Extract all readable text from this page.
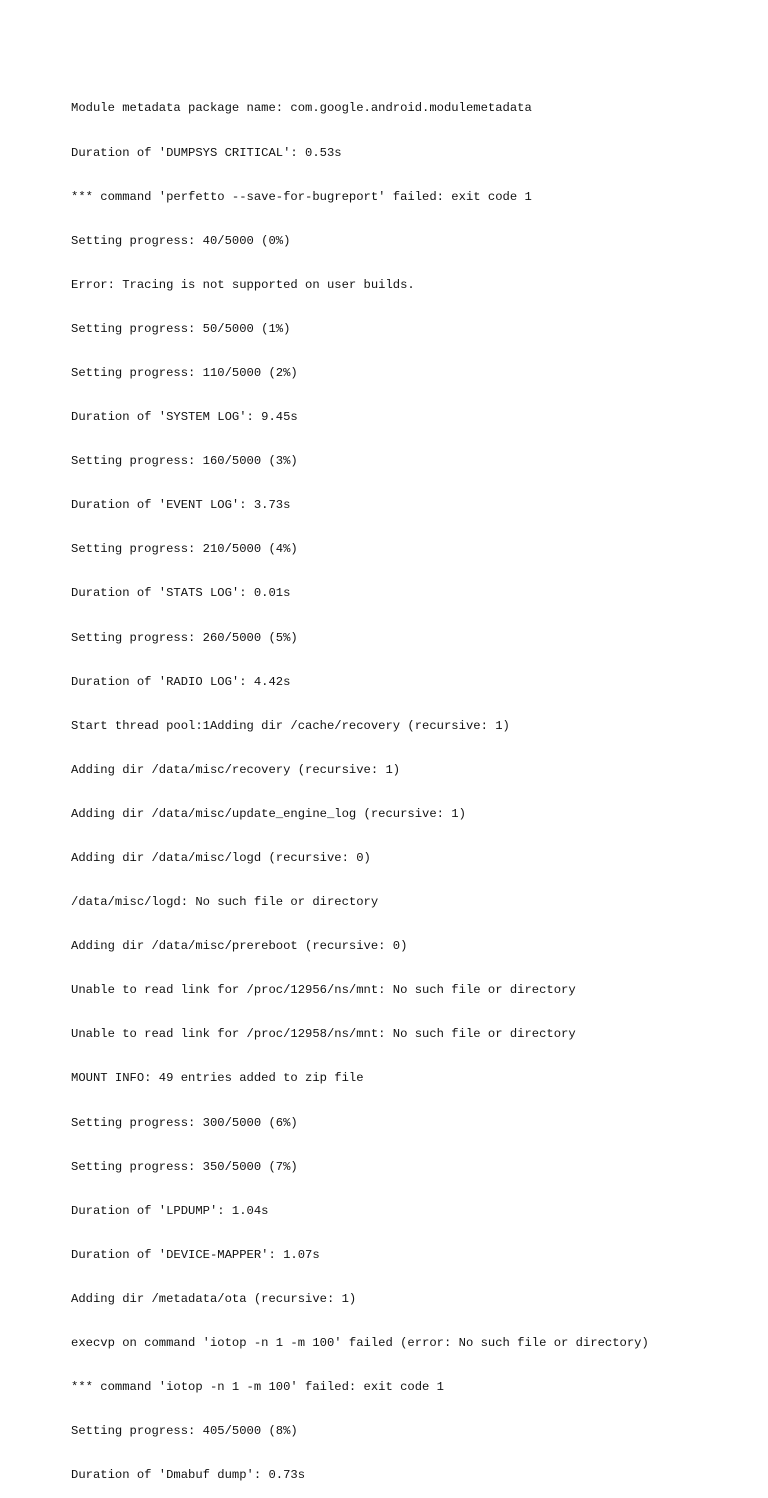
Module metadata package name: com.google.android.modulemetadata

Duration of 'DUMPSYS CRITICAL': 0.53s

*** command 'perfetto --save-for-bugreport' failed: exit code 1

Setting progress: 40/5000 (0%)

Error: Tracing is not supported on user builds.

Setting progress: 50/5000 (1%)

Setting progress: 110/5000 (2%)

Duration of 'SYSTEM LOG': 9.45s

Setting progress: 160/5000 (3%)

Duration of 'EVENT LOG': 3.73s

Setting progress: 210/5000 (4%)

Duration of 'STATS LOG': 0.01s

Setting progress: 260/5000 (5%)

Duration of 'RADIO LOG': 4.42s

Start thread pool:1Adding dir /cache/recovery (recursive: 1)

Adding dir /data/misc/recovery (recursive: 1)

Adding dir /data/misc/update_engine_log (recursive: 1)

Adding dir /data/misc/logd (recursive: 0)

/data/misc/logd: No such file or directory

Adding dir /data/misc/prereboot (recursive: 0)

Unable to read link for /proc/12956/ns/mnt: No such file or directory

Unable to read link for /proc/12958/ns/mnt: No such file or directory

MOUNT INFO: 49 entries added to zip file

Setting progress: 300/5000 (6%)

Setting progress: 350/5000 (7%)

Duration of 'LPDUMP': 1.04s

Duration of 'DEVICE-MAPPER': 1.07s

Adding dir /metadata/ota (recursive: 1)

execvp on command 'iotop -n 1 -m 100' failed (error: No such file or directory)

*** command 'iotop -n 1 -m 100' failed: exit code 1

Setting progress: 405/5000 (8%)

Duration of 'Dmabuf dump': 0.73s
